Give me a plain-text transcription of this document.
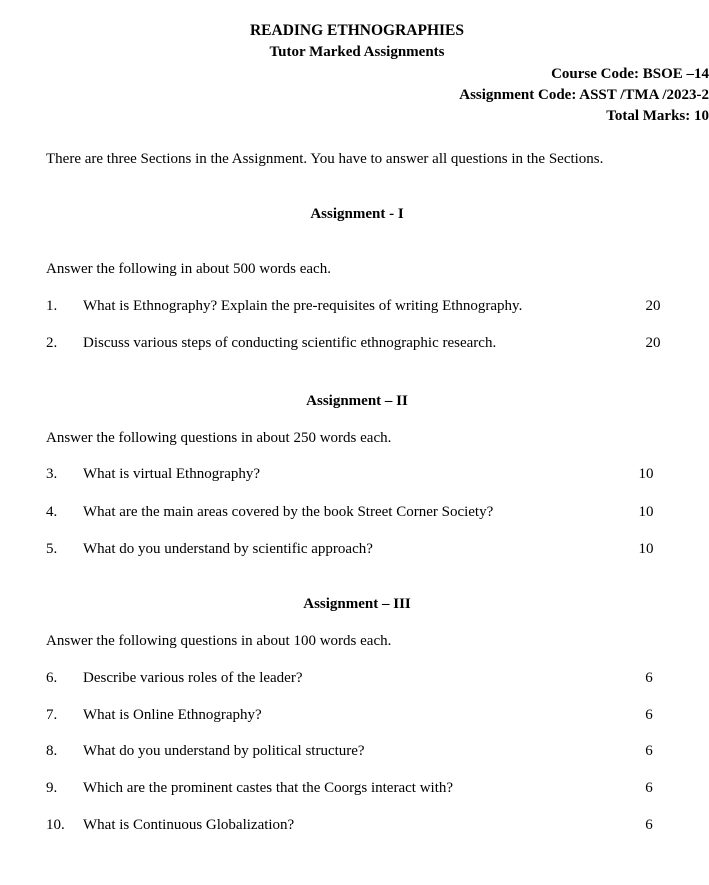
READING ETHNOGRAPHIES
Tutor Marked Assignments
Course Code: BSOE –14
Assignment Code: ASST /TMA /2023-2
Total Marks: 10
There are three Sections in the Assignment. You have to answer all questions in the Sections.
Assignment - I
Answer the following in about 500 words each.
1. What is Ethnography? Explain the pre-requisites of writing Ethnography.	20
2. Discuss various steps of conducting scientific ethnographic research.	20
Assignment – II
Answer the following questions in about 250 words each.
3. What is virtual Ethnography?	10
4. What are the main areas covered by the book Street Corner Society?	10
5. What do you understand by scientific approach?	10
Assignment – III
Answer the following questions in about 100 words each.
6. Describe various roles of the leader?	6
7. What is Online Ethnography?	6
8. What do you understand by political structure?	6
9. Which are the prominent castes that the Coorgs interact with?	6
10. What is Continuous Globalization?	6
